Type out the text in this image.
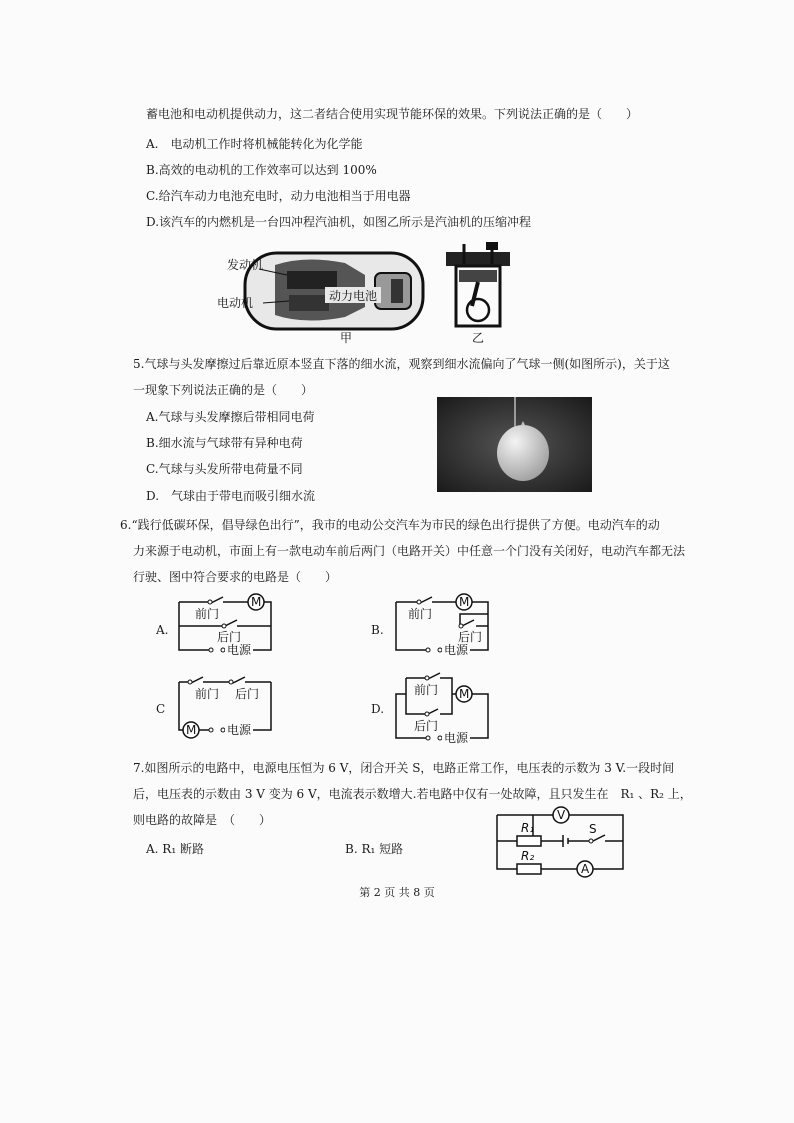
蓄电池和电动机提供动力，这二者结合使用实现节能环保的效果。下列说法正确的是（　　）
A.　电动机工作时将机械能转化为化学能
B.高效的电动机的工作效率可以达到 100%
C.给汽车动力电池充电时，动力电池相当于用电器
D.该汽车的内燃机是一台四冲程汽油机，如图乙所示是汽油机的压缩冲程
发动机
电动机	动力电池
甲	乙
5.气球与头发摩擦过后靠近原本竖直下落的细水流，观察到细水流偏向了气球一侧(如图所示)，关于这
一现象下列说法正确的是（　　）
A.气球与头发摩擦后带相同电荷
B.细水流与气球带有异种电荷
C.气球与头发所带电荷量不同
D.　气球由于带电而吸引细水流
6.“践行低碳环保，倡导绿色出行”，我市的电动公交汽车为市民的绿色出行提供了方便。电动汽车的动
力来源于电动机，市面上有一款电动车前后两门（电路开关）中任意一个门没有关闭好，电动汽车都无法
行驶、图中符合要求的电路是（　　）
A.
M
前门
后门
电源
B.
M
前门
后门
电源
C
前门 后门
M	电源
D.
M
前门
后门
电源
7.如图所示的电路中，电源电压恒为 6 V，闭合开关 S，电路正常工作，电压表的示数为 3 V.一段时间
后，电压表的示数由 3 V 变为 6 V，电流表示数增大.若电路中仅有一处故障，且只发生在　R₁ 、R₂ 上，
则电路的故障是　（　　）
A. R₁ 断路	B. R₁ 短路
V
A
R₁
R₂
S
第 2 页 共 8 页
